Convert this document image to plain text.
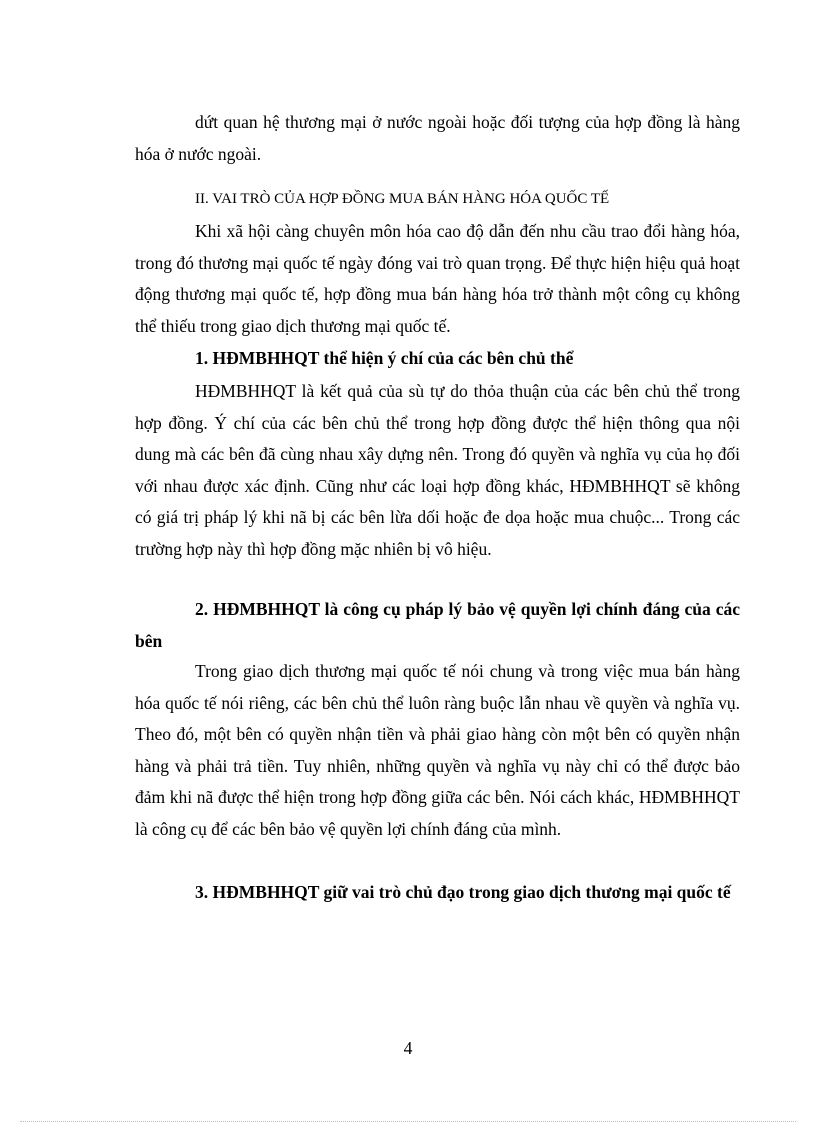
dứt quan hệ thương mại ở nước ngoài hoặc đối tượng của hợp đồng là hàng hóa ở nước ngoài.

II. VAI TRÒ CỦA HỢP ĐỒNG MUA BÁN HÀNG HÓA QUỐC TẾ

Khi xã hội càng chuyên môn hóa cao độ dẫn đến nhu cầu trao đổi hàng hóa, trong đó thương mại quốc tế ngày đóng vai trò quan trọng. Để thực hiện hiệu quả hoạt động thương mại quốc tế, hợp đồng mua bán hàng hóa trở thành một công cụ không thể thiếu trong giao dịch thương mại quốc tế.

1. HĐMBHHQT thể hiện ý chí của các bên chủ thể

HĐMBHHQT là kết quả của sù tự do thỏa thuận của các bên chủ thể trong hợp đồng. Ý chí của các bên chủ thể trong hợp đồng được thể hiện thông qua nội dung mà các bên đã cùng nhau xây dựng nên. Trong đó quyền và nghĩa vụ của họ đối với nhau được xác định. Cũng như các loại hợp đồng khác, HĐMBHHQT sẽ không có giá trị pháp lý khi nã bị các bên lừa dối hoặc đe dọa hoặc mua chuộc... Trong các trường hợp này thì hợp đồng mặc nhiên bị vô hiệu.

2. HĐMBHHQT là công cụ pháp lý bảo vệ quyền lợi chính đáng của các bên

Trong giao dịch thương mại quốc tế nói chung và trong việc mua bán hàng hóa quốc tế nói riêng, các bên chủ thể luôn ràng buộc lẫn nhau về quyền và nghĩa vụ. Theo đó, một bên có quyền nhận tiền và phải giao hàng còn một bên có quyền nhận hàng và phải trả tiền. Tuy nhiên, những quyền và nghĩa vụ này chỉ có thể được bảo đảm khi nã được thể hiện trong hợp đồng giữa các bên. Nói cách khác, HĐMBHHQT là công cụ để các bên bảo vệ quyền lợi chính đáng của mình.

3. HĐMBHHQT giữ vai trò chủ đạo trong giao dịch thương mại quốc tế

4
